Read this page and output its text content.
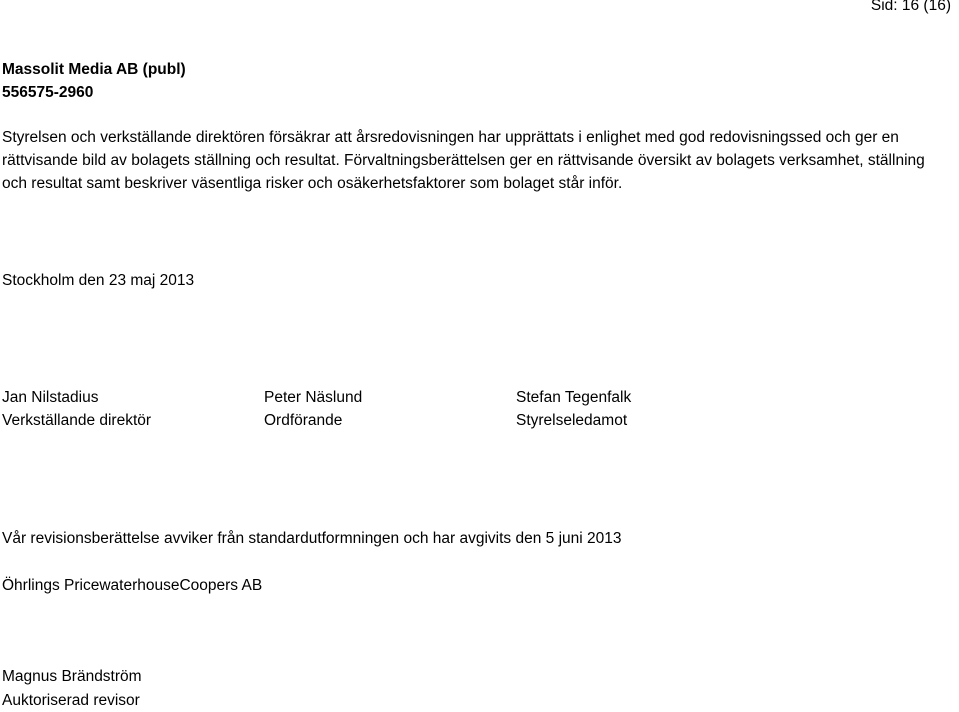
Sid: 16 (16)
Massolit Media AB (publ)
556575-2960
Styrelsen och verkställande direktören försäkrar att årsredovisningen har upprättats i enlighet med god redovisningssed och ger en rättvisande bild av bolagets ställning och resultat. Förvaltningsberättelsen ger en rättvisande översikt av bolagets verksamhet, ställning och resultat samt beskriver väsentliga risker och osäkerhetsfaktorer som bolaget står inför.
Stockholm den 23 maj 2013
Jan Nilstadius
Verkställande direktör
Peter Näslund
Ordförande
Stefan Tegenfalk
Styrelseledamot
Vår revisionsberättelse avviker från standardutformningen och har avgivits den 5 juni 2013
Öhrlings PricewaterhouseCoopers AB
Magnus Brändström
Auktoriserad revisor
